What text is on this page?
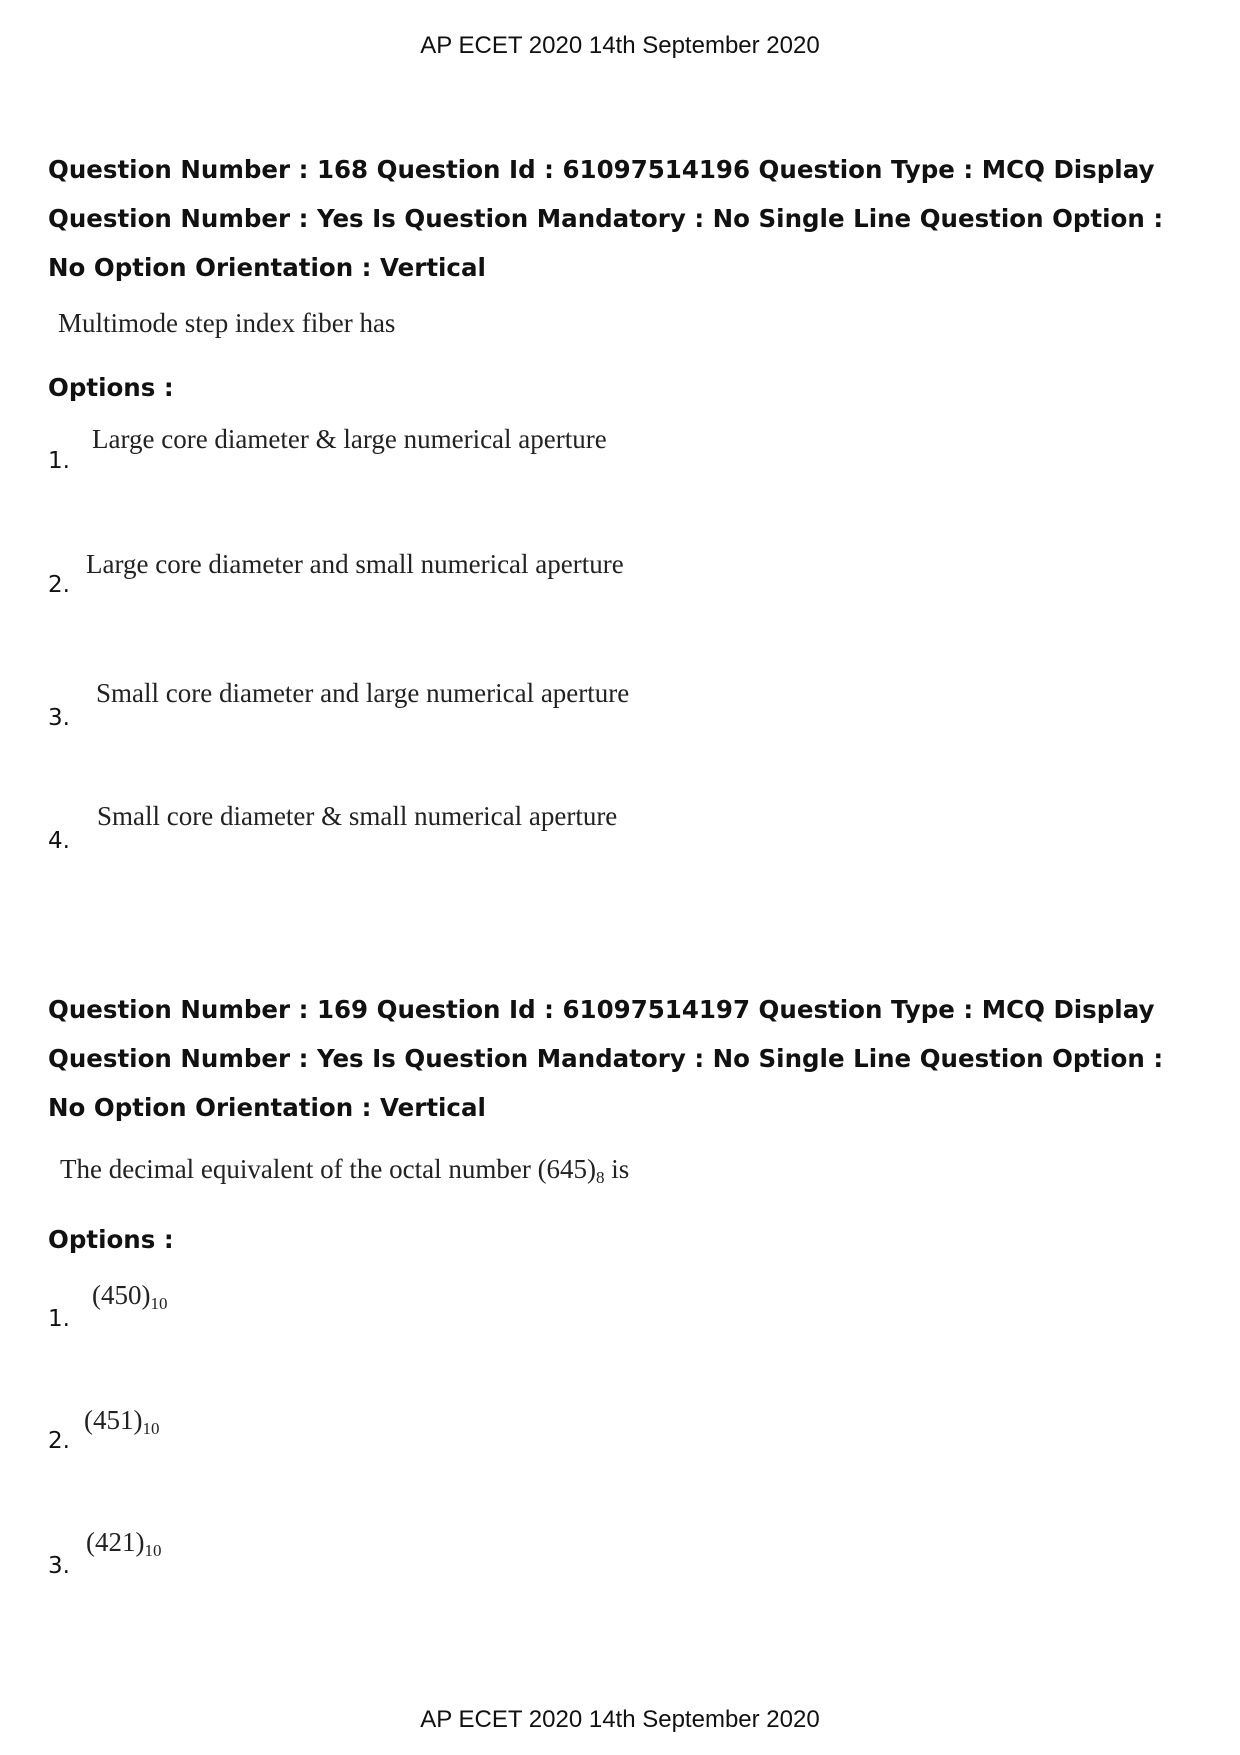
AP ECET 2020 14th September 2020
Question Number : 168 Question Id : 61097514196 Question Type : MCQ Display Question Number : Yes Is Question Mandatory : No Single Line Question Option : No Option Orientation : Vertical
Multimode step index fiber has
Options :
1.
Large core diameter & large numerical aperture
2.
Large core diameter and small numerical aperture
3.
Small core diameter and large numerical aperture
4.
Small core diameter & small numerical aperture
Question Number : 169 Question Id : 61097514197 Question Type : MCQ Display Question Number : Yes Is Question Mandatory : No Single Line Question Option : No Option Orientation : Vertical
The decimal equivalent of the octal number $(645)_8$ is
Options :
1.
$(450)_{10}$
2.
$(451)_{10}$
3.
$(421)_{10}$
AP ECET 2020 14th September 2020
